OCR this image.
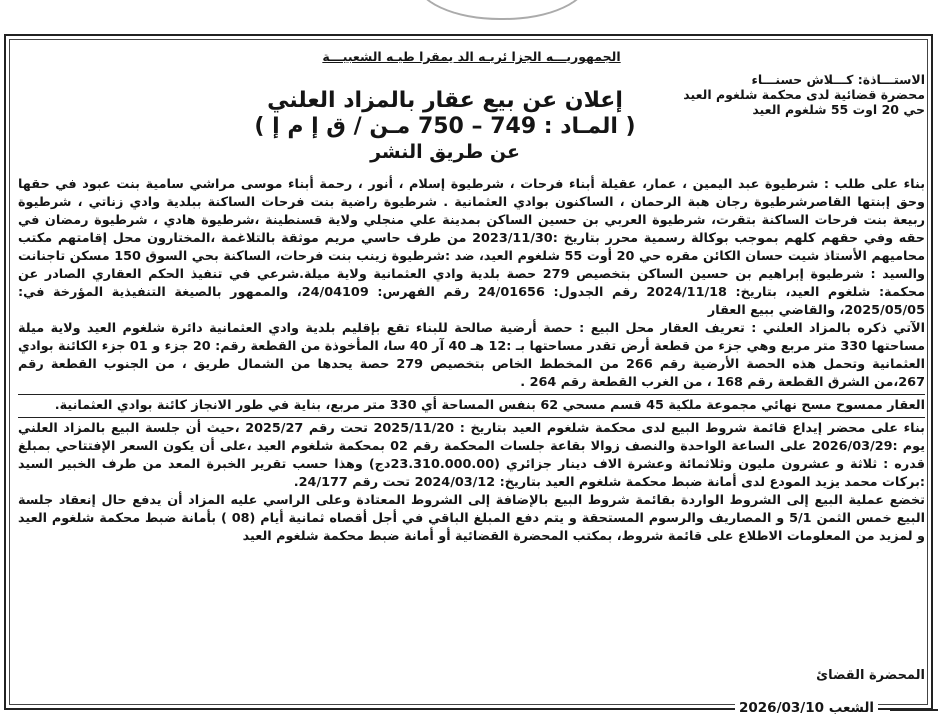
الجمهوريـــه الجزا ئريـه الد يمقرا طيـه الشعبيـــة
الاستـــاذة: كـــلاش حسنـــاء
محضرة قضائية لدى محكمة شلغوم العيد
حي 20 اوت 55 شلغوم العيد
إعلان عن بيع عقار بالمزاد العلني
( المـاد : 749 – 750 مـن / ق إ م إ )
عن طريق النشر

بناء على طلب : شرطيوة عبد اليمين ، عمار، عقيلة أبناء فرحات ، شرطيوة إسلام ، أنور ، رحمة أبناء موسى مراشي سامية بنت عبود في حقها وحق إبنتها القاصرشرطيوة رجان هبة الرحمان ، الساكنون بوادي العثمانية . شرطيوة راضية بنت فرحات الساكنة ببلدية وادي زناتي ، شرطيوة ربيعة بنت فرحات الساكنة بتقرت، شرطيوة العربي بن حسين الساكن بمدينة علي منجلي ولاية قسنطينة ،شرطيوة هادي ، شرطيوة رمضان في حقه وفي حقهم كلهم بموجب بوكالة رسمية محرر بتاريخ :2023/11/30 من طرف حاسي مريم موثقة بالتلاغمة ،المختارون محل إقامتهم مكتب محاميهم الأستاذ شيت حسان الكائن مقره حي 20 أوت 55 شلغوم العيد، ضد :شرطيوة زينب بنت فرحات، الساكنة بحي السوق 150 مسكن تاجنانت والسيد : شرطيوة إبراهيم بن حسين الساكن بتخصيص 279 حصة بلدية وادي العثمانية ولاية ميلة.شرعي في تنفيذ الحكم العقاري الصادر عن محكمة: شلغوم العيد، بتاريخ: 2024/11/18 رقم الجدول: 24/01656 رقم الفهرس: 24/04109، والممهور بالصيغة التنفيذية المؤرخة في: 2025/05/05، والقاضي ببيع العقار

الآتي ذكره بالمزاد العلني : تعريف العقار محل البيع : حصة أرضية صالحة للبناء تقع بإقليم بلدية وادي العثمانية دائرة شلغوم العيد ولاية ميلة مساحتها 330 متر مربع وهي جزء من قطعة أرض تقدر مساحتها بـ :12 هـ 40 آر 40 سا، المأخوذة من القطعة رقم: 20 جزء و 01 جزء الكائنة بوادي العثمانية وتحمل هذه الحصة الأرضية رقم 266 من المخطط الخاص بتخصيص 279 حصة يحدها من الشمال طريق ، من الجنوب القطعة رقم 267،من الشرق القطعة رقم 168 ، من الغرب القطعة رقم 264 .

العقار ممسوح مسح نهائي مجموعة ملكية 45 قسم مسحي 62 بنفس المساحة أي 330 متر مربع، بناية في طور الانجاز كائنة بوادي العثمانية.

بناء على محضر إيداع قائمة شروط البيع لدى محكمة شلغوم العيد بتاريخ : 2025/11/20 تحت رقم 2025/27 ،حيث أن جلسة البيع بالمزاد العلني يوم :2026/03/29 على الساعة الواحدة والنصف زوالا بقاعة جلسات المحكمة رقم 02 بمحكمة شلغوم العيد ،على أن يكون السعر الإفتتاحي بمبلغ قدره : ثلاثة و عشرون مليون وثلاثمائة وعشرة الاف دينار جزائري (23.310.000.00دج) وهذا حسب تقرير الخبرة المعد من طرف الخبير السيد :بركات محمد يزيد المودع لدى أمانة ضبط محكمة شلغوم العيد بتاريخ: 2024/03/12 تحت رقم 24/177.

تخضع عملية البيع إلى الشروط الواردة بقائمة شروط البيع بالإضافة إلى الشروط المعتادة وعلى الراسي عليه المزاد أن يدفع حال إنعقاد جلسة البيع خمس الثمن 5/1 و المصاريف والرسوم المستحقة و يتم دفع المبلغ الباقي في أجل أقصاه ثمانية أيام (08 ) بأمانة ضبط محكمة شلغوم العيد و لمزيد من المعلومات الاطلاع على قائمة شروط، بمكتب المحضرة القضائية أو أمانة ضبط محكمة شلغوم العيد

المحضرة القضائ
الشعب 2026/03/10
